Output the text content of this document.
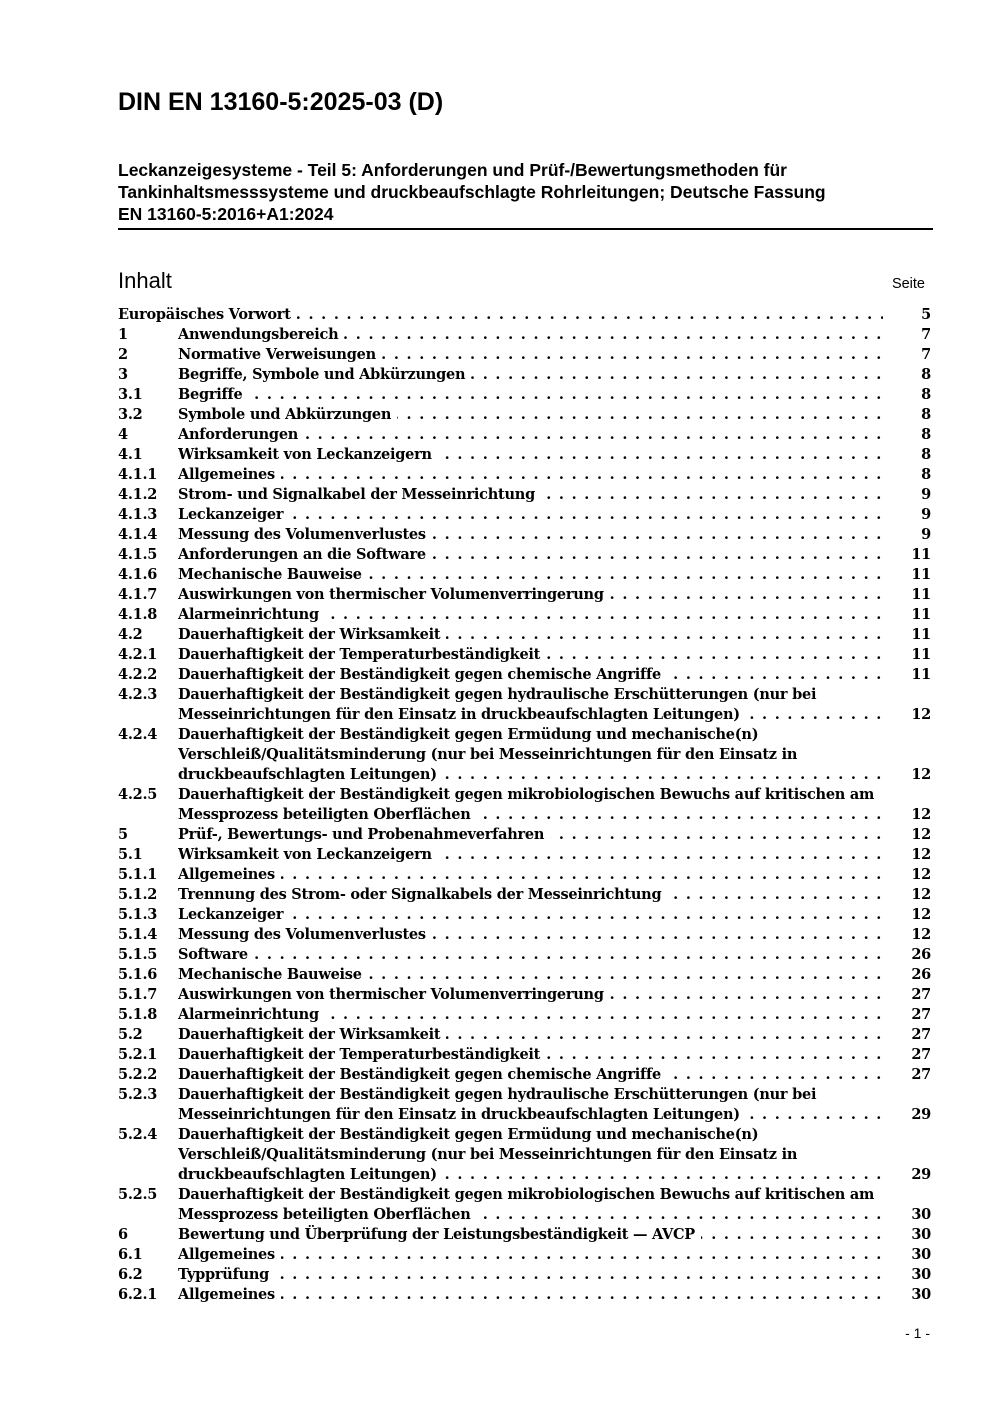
DIN EN 13160-5:2025-03 (D)
Leckanzeigesysteme - Teil 5: Anforderungen und Prüf-/Bewertungsmethoden für
Tankinhaltsmesssysteme und druckbeaufschlagte Rohrleitungen; Deutsche Fassung
EN 13160-5:2016+A1:2024
Inhalt	Seite
Europäisches Vorwort . . .	5
1	Anwendungsbereich . . .	7
2	Normative Verweisungen . . .	7
3	Begriffe, Symbole und Abkürzungen . . .	8
3.1	Begriffe . . .	8
3.2	Symbole und Abkürzungen . . .	8
4	Anforderungen . . .	8
4.1	Wirksamkeit von Leckanzeigern . . .	8
4.1.1	Allgemeines . . .	8
4.1.2	Strom- und Signalkabel der Messeinrichtung . . .	9
4.1.3	Leckanzeiger . . .	9
4.1.4	Messung des Volumenverlustes . . .	9
4.1.5	Anforderungen an die Software . . .	11
4.1.6	Mechanische Bauweise . . .	11
4.1.7	Auswirkungen von thermischer Volumenverringerung . . .	11
4.1.8	Alarmeinrichtung . . .	11
4.2	Dauerhaftigkeit der Wirksamkeit . . .	11
4.2.1	Dauerhaftigkeit der Temperaturbeständigkeit . . .	11
4.2.2	Dauerhaftigkeit der Beständigkeit gegen chemische Angriffe . . .	11
4.2.3	Dauerhaftigkeit der Beständigkeit gegen hydraulische Erschütterungen (nur bei
Messeinrichtungen für den Einsatz in druckbeaufschlagten Leitungen) . . .	12
4.2.4	Dauerhaftigkeit der Beständigkeit gegen Ermüdung und mechanische(n)
Verschleiß/Qualitätsminderung (nur bei Messeinrichtungen für den Einsatz in
druckbeaufschlagten Leitungen) . . .	12
4.2.5	Dauerhaftigkeit der Beständigkeit gegen mikrobiologischen Bewuchs auf kritischen am
Messprozess beteiligten Oberflächen . . .	12
5	Prüf-, Bewertungs- und Probenahmeverfahren . . .	12
5.1	Wirksamkeit von Leckanzeigern . . .	12
5.1.1	Allgemeines . . .	12
5.1.2	Trennung des Strom- oder Signalkabels der Messeinrichtung . . .	12
5.1.3	Leckanzeiger . . .	12
5.1.4	Messung des Volumenverlustes . . .	12
5.1.5	Software . . .	26
5.1.6	Mechanische Bauweise . . .	26
5.1.7	Auswirkungen von thermischer Volumenverringerung . . .	27
5.1.8	Alarmeinrichtung . . .	27
5.2	Dauerhaftigkeit der Wirksamkeit . . .	27
5.2.1	Dauerhaftigkeit der Temperaturbeständigkeit . . .	27
5.2.2	Dauerhaftigkeit der Beständigkeit gegen chemische Angriffe . . .	27
5.2.3	Dauerhaftigkeit der Beständigkeit gegen hydraulische Erschütterungen (nur bei
Messeinrichtungen für den Einsatz in druckbeaufschlagten Leitungen) . . .	29
5.2.4	Dauerhaftigkeit der Beständigkeit gegen Ermüdung und mechanische(n)
Verschleiß/Qualitätsminderung (nur bei Messeinrichtungen für den Einsatz in
druckbeaufschlagten Leitungen) . . .	29
5.2.5	Dauerhaftigkeit der Beständigkeit gegen mikrobiologischen Bewuchs auf kritischen am
Messprozess beteiligten Oberflächen . . .	30
6	Bewertung und Überprüfung der Leistungsbeständigkeit — AVCP . . .	30
6.1	Allgemeines . . .	30
6.2	Typprüfung . . .	30
6.2.1	Allgemeines . . .	30
- 1 -
